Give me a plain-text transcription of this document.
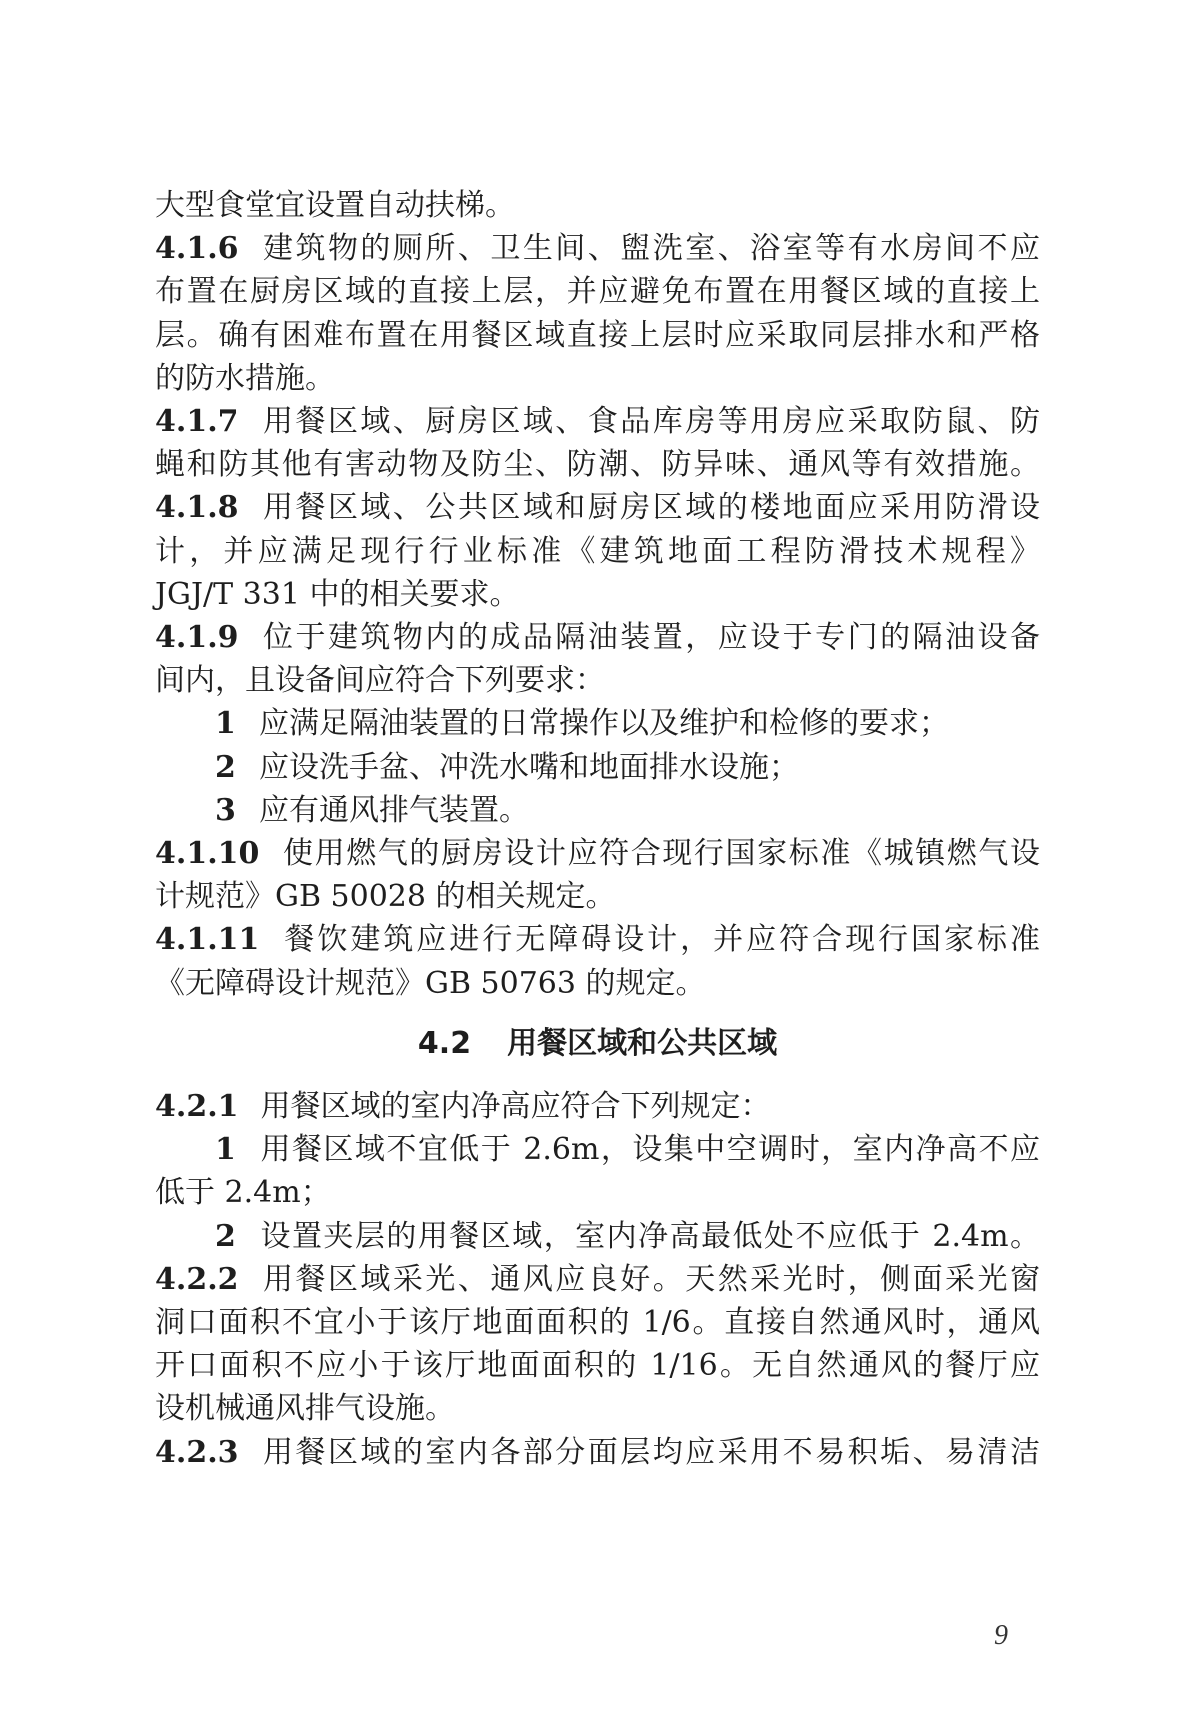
大型食堂宜设置自动扶梯。
4.1.6 建筑物的厕所、卫生间、盥洗室、浴室等有水房间不应
布置在厨房区域的直接上层，并应避免布置在用餐区域的直接上
层。确有困难布置在用餐区域直接上层时应采取同层排水和严格
的防水措施。
4.1.7 用餐区域、厨房区域、食品库房等用房应采取防鼠、防
蝇和防其他有害动物及防尘、防潮、防异味、通风等有效措施。
4.1.8 用餐区域、公共区域和厨房区域的楼地面应采用防滑设
计，并应满足现行行业标准《建筑地面工程防滑技术规程》
JGJ/T 331 中的相关要求。
4.1.9 位于建筑物内的成品隔油装置，应设于专门的隔油设备
间内，且设备间应符合下列要求：
1 应满足隔油装置的日常操作以及维护和检修的要求；
2 应设洗手盆、冲洗水嘴和地面排水设施；
3 应有通风排气装置。
4.1.10 使用燃气的厨房设计应符合现行国家标准《城镇燃气设
计规范》GB 50028 的相关规定。
4.1.11 餐饮建筑应进行无障碍设计，并应符合现行国家标准
《无障碍设计规范》GB 50763 的规定。
4.2 用餐区域和公共区域
4.2.1 用餐区域的室内净高应符合下列规定：
1 用餐区域不宜低于 2.6m，设集中空调时，室内净高不应
低于 2.4m；
2 设置夹层的用餐区域，室内净高最低处不应低于 2.4m。
4.2.2 用餐区域采光、通风应良好。天然采光时，侧面采光窗
洞口面积不宜小于该厅地面面积的 1/6。直接自然通风时，通风
开口面积不应小于该厅地面面积的 1/16。无自然通风的餐厅应
设机械通风排气设施。
4.2.3 用餐区域的室内各部分面层均应采用不易积垢、易清洁
9
